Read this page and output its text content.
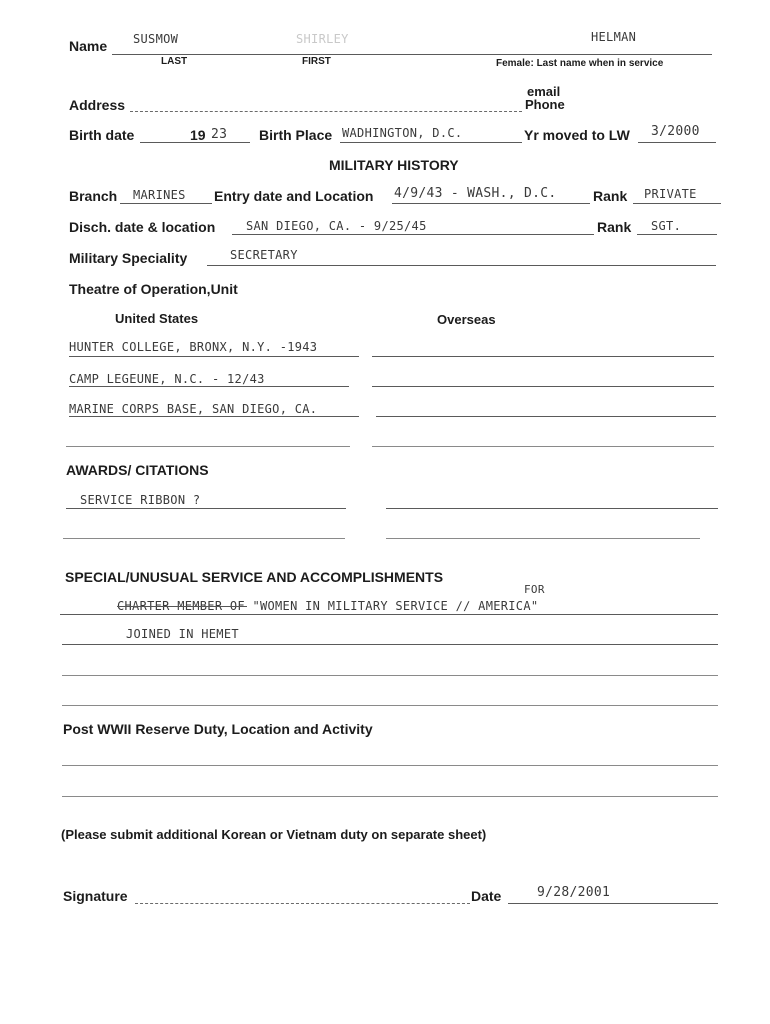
Name SUSMOW	SHIRLEY	HELMAN
LAST	FIRST	Female: Last name when in service
email
Address	Phone
Birth date	19 23 Birth Place WADHINGTON, D.C.	Yr moved to LW 3/2000
MILITARY HISTORY
Branch MARINES Entry date and Location 4/9/43 - WASH., D.C.	Rank PRIVATE
Disch. date & location	SAN DIEGO, CA. - 9/25/45	Rank SGT.
Military Speciality	SECRETARY
Theatre of Operation,Unit
United States	Overseas
HUNTER COLLEGE, BRONX, N.Y. -1943
CAMP LEGEUNE, N.C. - 12/43
MARINE CORPS BASE, SAN DIEGO, CA.
AWARDS/ CITATIONS
SERVICE RIBBON ?
SPECIAL/UNUSUAL SERVICE AND ACCOMPLISHMENTS
FOR
CHARTER MEMBER OF "WOMEN IN MILITARY SERVICE ∕∕ AMERICA"
JOINED IN HEMET
Post WWII Reserve Duty, Location and Activity
(Please submit additional Korean or Vietnam duty on separate sheet)
Signature	Date	9/28/2001
